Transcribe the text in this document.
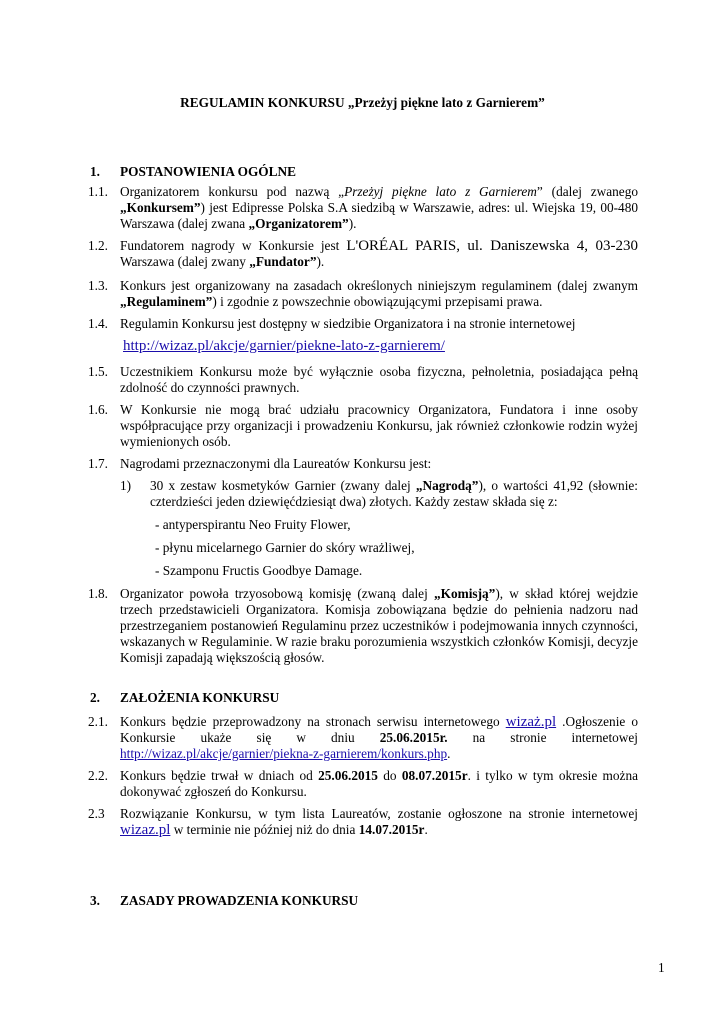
REGULAMIN KONKURSU „Przeżyj piękne lato z Garnierem”
1. POSTANOWIENIA OGÓLNE
1.1. Organizatorem konkursu pod nazwą „Przeżyj piękne lato z Garnierem” (dalej zwanego „Konkursem”) jest Edipresse Polska S.A siedzibą w Warszawie, adres: ul. Wiejska 19, 00-480 Warszawa (dalej zwana „Organizatorem”).
1.2. Fundatorem nagrody w Konkursie jest L'ORÉAL PARIS, ul. Daniszewska 4, 03-230 Warszawa (dalej zwany „Fundator”).
1.3. Konkurs jest organizowany na zasadach określonych niniejszym regulaminem (dalej zwanym „Regulaminem”) i zgodnie z powszechnie obowiązującymi przepisami prawa.
1.4. Regulamin Konkursu jest dostępny w siedzibie Organizatora i na stronie internetowej
http://wizaz.pl/akcje/garnier/piekne-lato-z-garnierem/
1.5. Uczestnikiem Konkursu może być wyłącznie osoba fizyczna, pełnoletnia, posiadająca pełną zdolność do czynności prawnych.
1.6. W Konkursie nie mogą brać udziału pracownicy Organizatora, Fundatora i inne osoby współpracujące przy organizacji i prowadzeniu Konkursu, jak również członkowie rodzin wyżej wymienionych osób.
1.7. Nagrodami przeznaczonymi dla Laureatów Konkursu jest:
1) 30 x zestaw kosmetyków Garnier (zwany dalej „Nagrodą”), o wartości 41,92 (słownie: czterdzieści jeden dziewięćdziesiąt dwa) złotych. Każdy zestaw składa się z:
- antyperspirantu Neo Fruity Flower,
- płynu micelarnego Garnier do skóry wrażliwej,
- Szamponu Fructis Goodbye Damage.
1.8. Organizator powoła trzyosobową komisję (zwaną dalej „Komisją”), w skład której wejdzie trzech przedstawicieli Organizatora. Komisja zobowiązana będzie do pełnienia nadzoru nad przestrzeganiem postanowień Regulaminu przez uczestników i podejmowania innych czynności, wskazanych w Regulaminie. W razie braku porozumienia wszystkich członków Komisji, decyzje Komisji zapadają większością głosów.
2. ZAŁOŻENIA KONKURSU
2.1. Konkurs będzie przeprowadzony na stronach serwisu internetowego wizaż.pl .Ogłoszenie o Konkursie ukaże się w dniu 25.06.2015r. na stronie internetowej http://wizaz.pl/akcje/garnier/piekna-z-garnierem/konkurs.php.
2.2. Konkurs będzie trwał w dniach od 25.06.2015 do 08.07.2015r. i tylko w tym okresie można dokonywać zgłoszeń do Konkursu.
2.3 Rozwiązanie Konkursu, w tym lista Laureatów, zostanie ogłoszone na stronie internetowej wizaz.pl w terminie nie później niż do dnia 14.07.2015r.
3. ZASADY PROWADZENIA KONKURSU
1
